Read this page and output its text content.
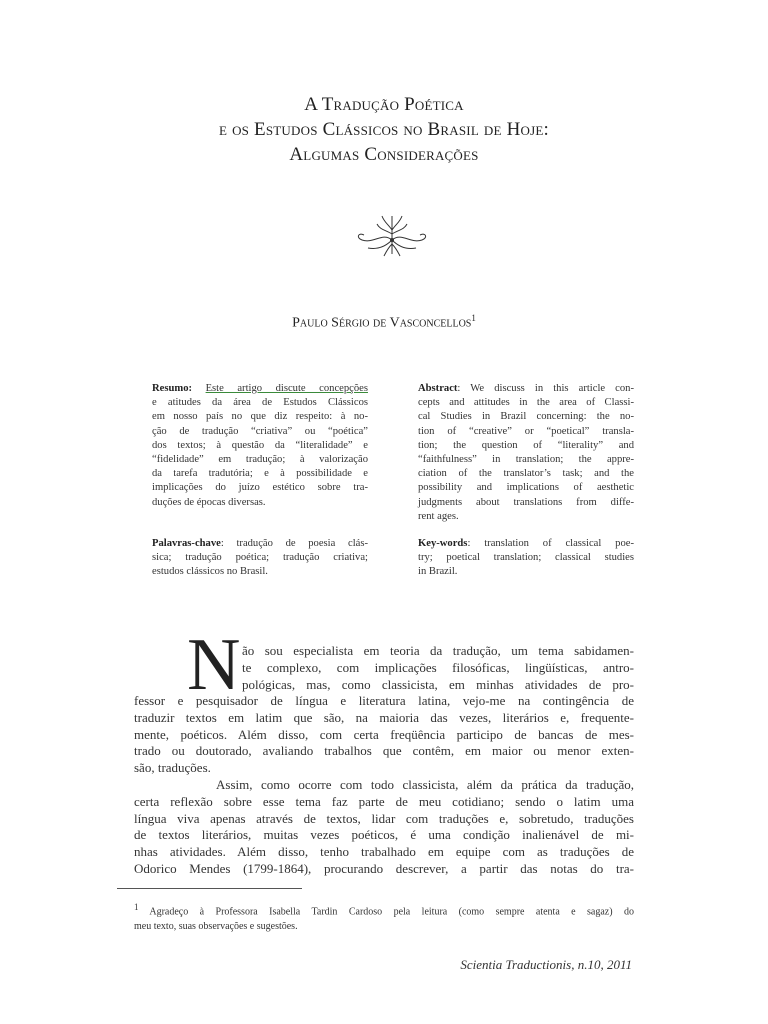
A Tradução Poética
e os Estudos Clássicos no Brasil de Hoje:
Algumas Considerações
Paulo Sérgio de Vasconcellos$^1$
Resumo: Este artigo discute concepções
e atitudes da área de Estudos Clássicos
em nosso país no que diz respeito: à no-
ção de tradução “criativa” ou “poética”
dos textos; à questão da “literalidade” e
“fidelidade” em tradução; à valorização
da tarefa tradutória; e à possibilidade e
implicações do juízo estético sobre tra-
duções de épocas diversas.
Abstract: We discuss in this article con-
cepts and attitudes in the area of Classi-
cal Studies in Brazil concerning: the no-
tion of “creative” or “poetical” transla-
tion; the question of “literality” and
“faithfulness” in translation; the appre-
ciation of the translator’s task; and the
possibility and implications of aesthetic
judgments about translations from diffe-
rent ages.
Palavras-chave: tradução de poesia clás-
sica; tradução poética; tradução criativa;
estudos clássicos no Brasil.
Key-words: translation of classical poe-
try; poetical translation; classical studies
in Brazil.
N ão sou especialista em teoria da tradução, um tema sabidamen-
te complexo, com implicações filosóficas, lingüísticas, antro-
pológicas, mas, como classicista, em minhas atividades de pro-
fessor e pesquisador de língua e literatura latina, vejo-me na contingência de
traduzir textos em latim que são, na maioria das vezes, literários e, frequente-
mente, poéticos. Além disso, com certa freqüência participo de bancas de mes-
trado ou doutorado, avaliando trabalhos que contêm, em maior ou menor exten-
são, traduções.
Assim, como ocorre com todo classicista, além da prática da tradução,
certa reflexão sobre esse tema faz parte de meu cotidiano; sendo o latim uma
língua viva apenas através de textos, lidar com traduções e, sobretudo, traduções
de textos literários, muitas vezes poéticos, é uma condição inalienável de mi-
nhas atividades. Além disso, tenho trabalhado em equipe com as traduções de
Odorico Mendes (1799-1864), procurando descrever, a partir das notas do tra-
$^1$ Agradeço à Professora Isabella Tardin Cardoso pela leitura (como sempre atenta e sagaz) do
meu texto, suas observações e sugestões.
Scientia Traductionis, n.10, 2011
